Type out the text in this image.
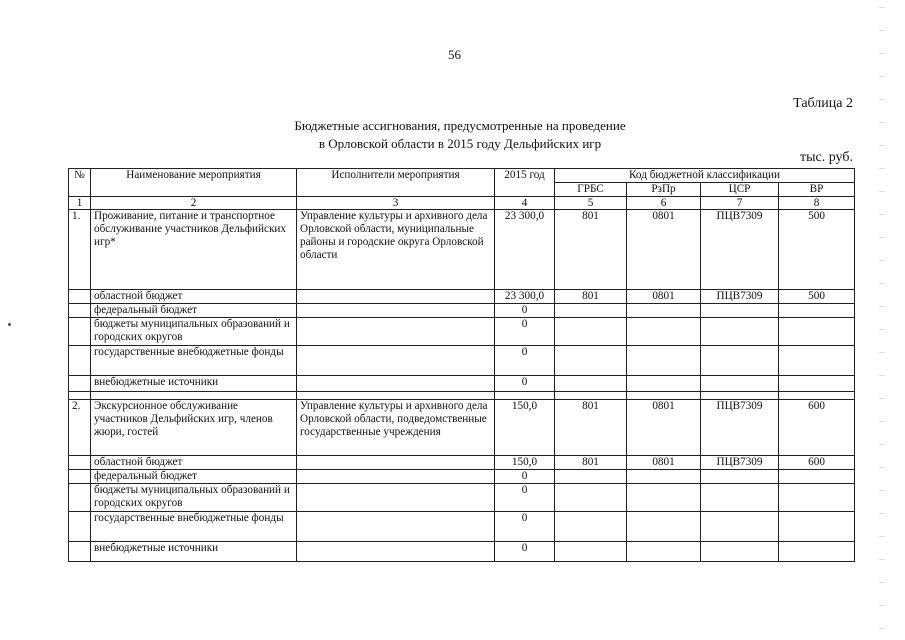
56
Таблица 2
Бюджетные ассигнования, предусмотренные на проведение
в Орловской области в 2015 году Дельфийских игр
тыс. руб.
№	Наименование мероприятия	Исполнители мероприятия	2015 год	Код бюджетной классификации			
				ГРБС	РзПр	ЦСР	ВР
1	2	3	4	5	6	7	8
1.	Проживание, питание и транспортное обслуживание участников Дельфийских игр*	Управление культуры и архивного дела Орловской области, муниципальные районы и городские округа Орловской области	23 300,0	801	0801	ПЦВ7309	500
	областной бюджет		23 300,0	801	0801	ПЦВ7309	500
	федеральный бюджет		0				
	бюджеты муниципальных образований и городских округов		0				
	государственные внебюджетные фонды		0				
	внебюджетные источники		0				

2.	Экскурсионное обслуживание участников Дельфийских игр, членов жюри, гостей	Управление культуры и архивного дела Орловской области, подведомственные государственные учреждения	150,0	801	0801	ПЦВ7309	600
	областной бюджет		150,0	801	0801	ПЦВ7309	600
	федеральный бюджет		0				
	бюджеты муниципальных образований и городских округов		0				
	государственные внебюджетные фонды		0				
	внебюджетные источники		0				
